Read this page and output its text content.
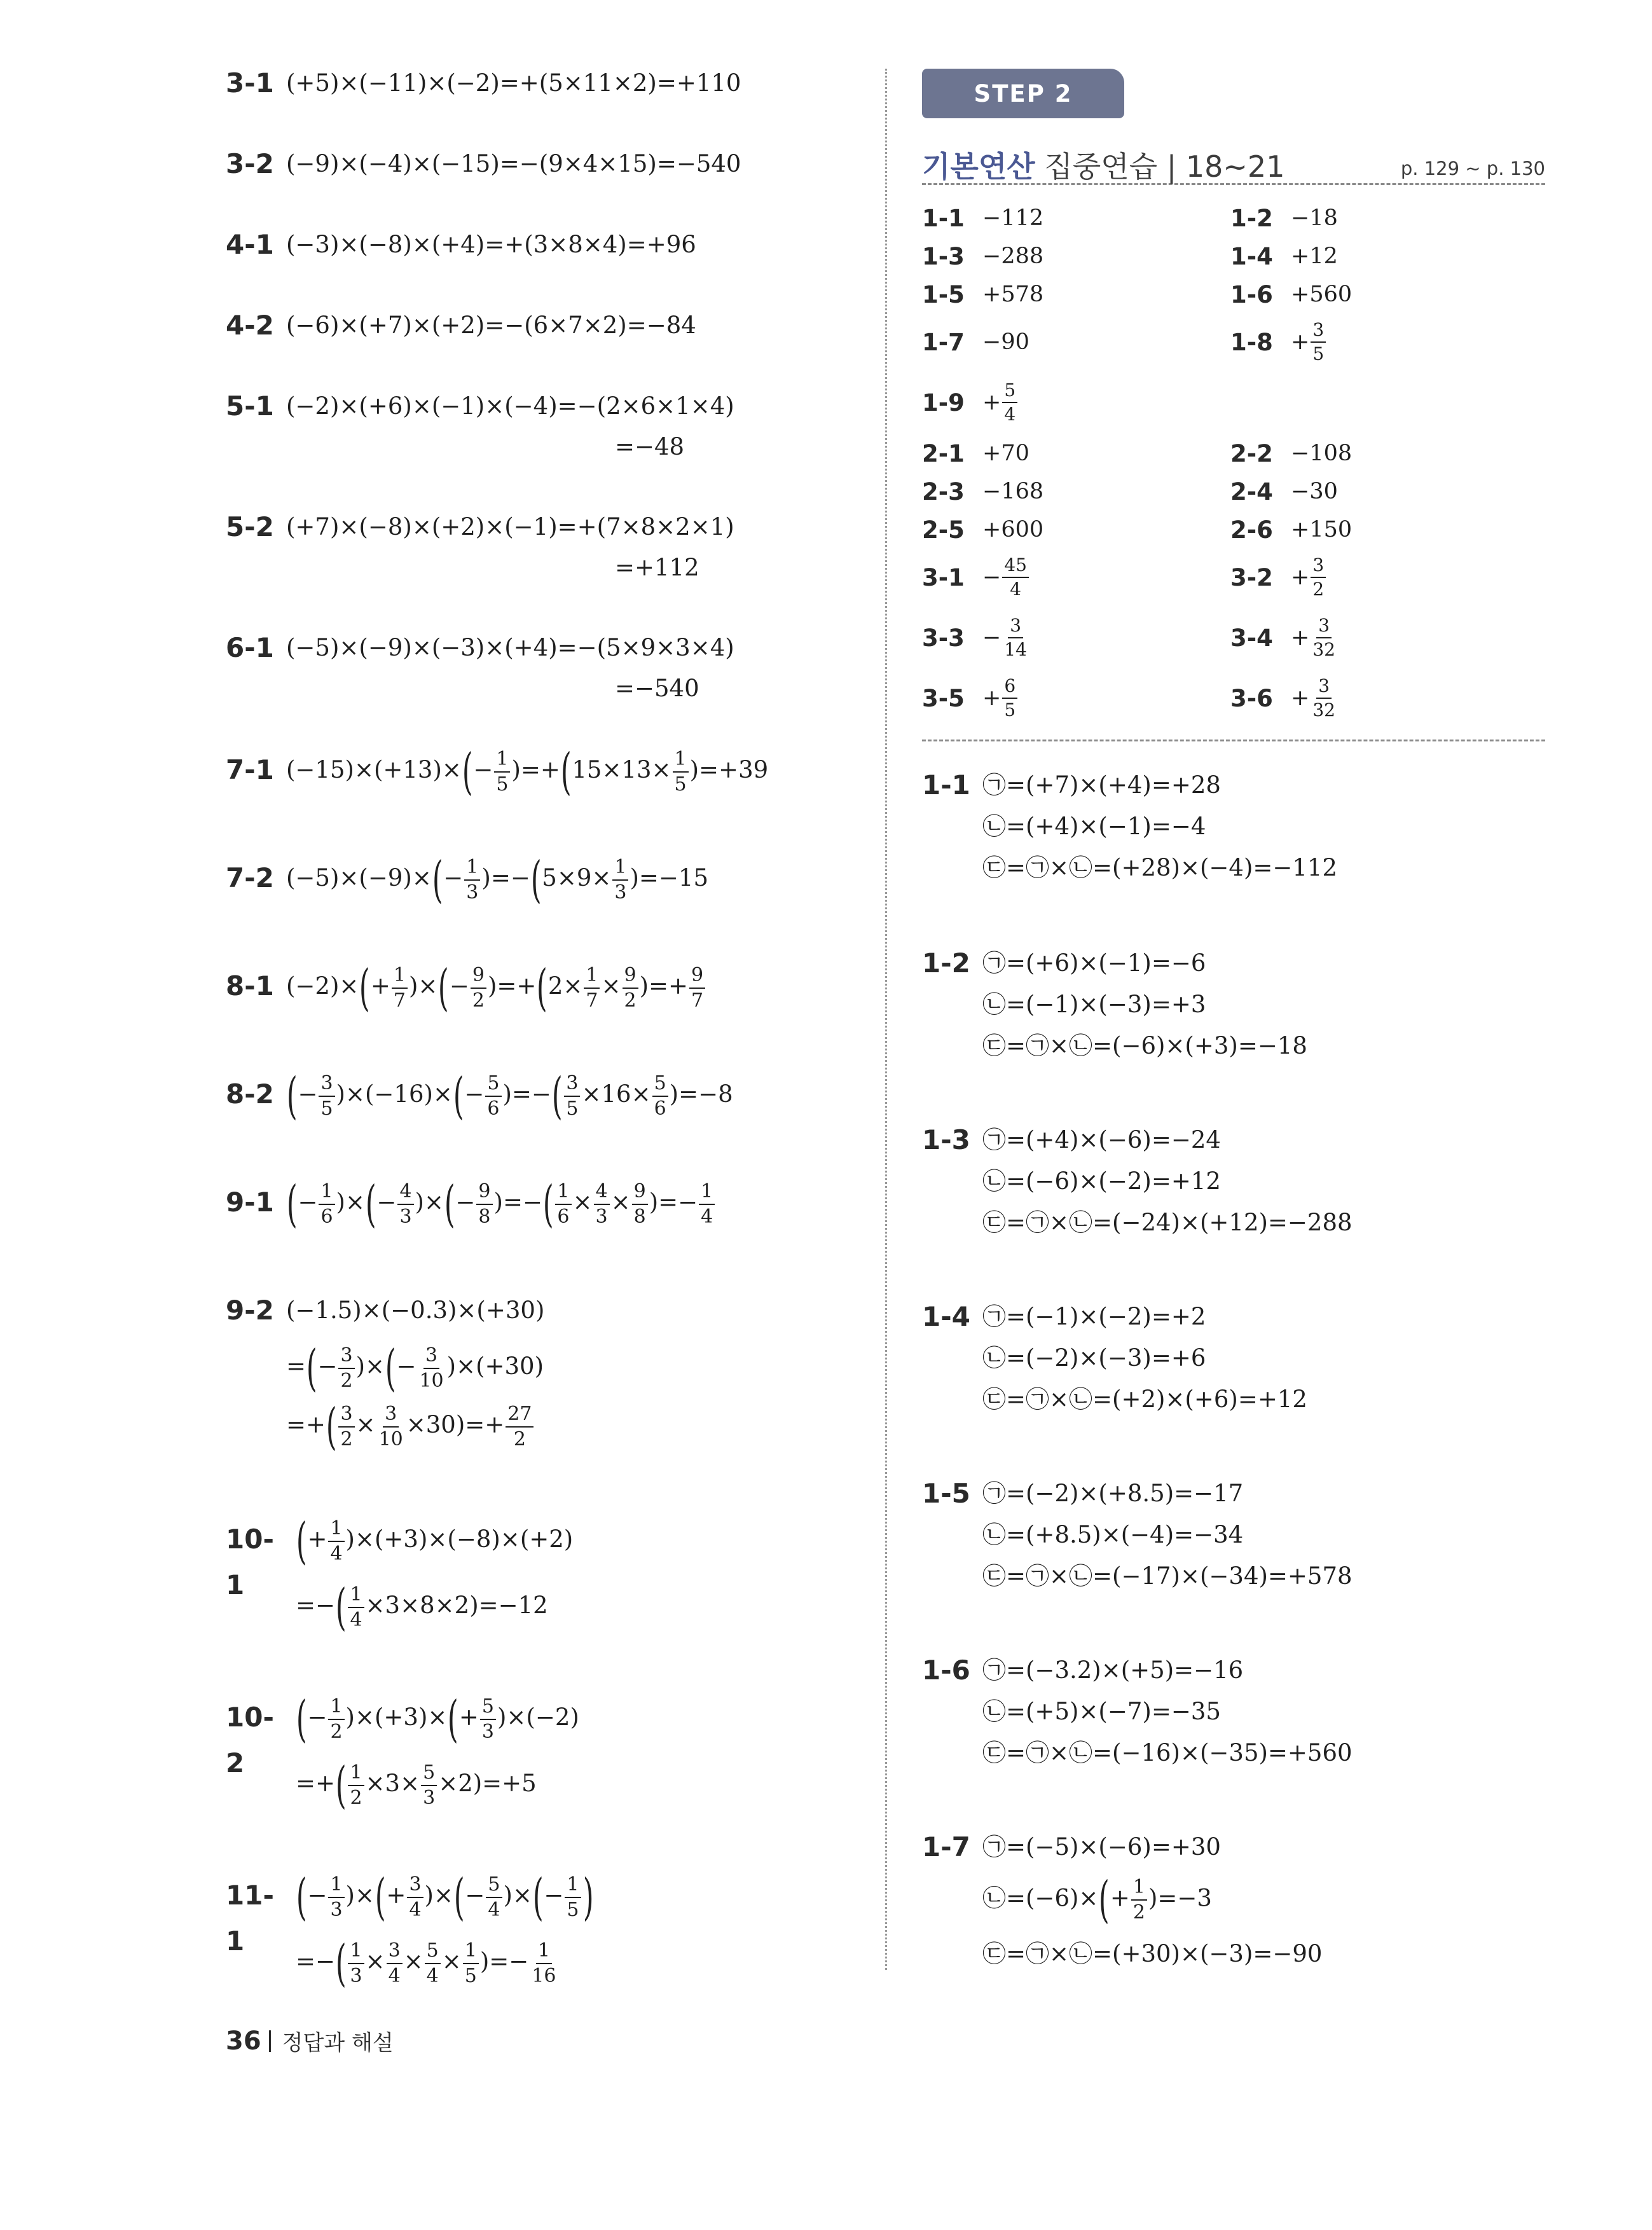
3-1 (+5)×(−11)×(−2)=+(5×11×2)=+110
3-2 (−9)×(−4)×(−15)=−(9×4×15)=−540
4-1 (−3)×(−8)×(+4)=+(3×8×4)=+96
4-2 (−6)×(+7)×(+2)=−(6×7×2)=−84
5-1 (−2)×(+6)×(−1)×(−4)=−(2×6×1×4)
=−48
5-2 (+7)×(−8)×(+2)×(−1)=+(7×8×2×1)
=+112
6-1 (−5)×(−9)×(−3)×(+4)=−(5×9×3×4)
=−540
7-1 $(-15)\times(+13)\times(- \frac{1}{5} )=+(15\times 13\times \frac{1}{5} )=+39$
7-2 $(-5)\times(-9)\times(- \frac{1}{3} )=-(5\times 9\times \frac{1}{3} )=-15$
8-1 $(-2)\times(+ \frac{1}{7}$ )×(− $\frac{9}{2} )=+(2\times \frac{1}{7} \times \frac{9}{2}$ )=+ $\frac{9}{7}$
8-2 (− $\frac{3}{5} )\times(-16)\times(- \frac{5}{6}$ )=−( $\frac{3}{5} \times 16\times \frac{5}{6} )=-8$
9-1 (− $\frac{1}{6}$ )×(− $\frac{4}{3}$ )×(− $\frac{9}{8}$ )=−( $\frac{1}{6} \times \frac{4}{3} \times \frac{9}{8}$ )=− $\frac{1}{4}$
9-2 (−1.5)×(−0.3)×(+30)
=(− $\frac{3}{2}$ )×(− $\frac{3}{10} )\times(+30)$
=+( $\frac{3}{2} \times \frac{3}{10} \times 30)=+ \frac{27}{2}$
10-1
(+ $\frac{1}{4} )\times(+3)\times(-8)\times(+2)$
=−( $\frac{1}{4} \times 3\times 8\times 2)=-12$
10-2
(− $\frac{1}{2} )\times(+3)\times(+ \frac{5}{3} )\times(-2)$
=+( $\frac{1}{2} \times 3\times \frac{5}{3} \times 2)=+5$
11-1
(− $\frac{1}{3}$ )×(+ $\frac{3}{4}$ )×(− $\frac{5}{4}$ )×(− $\frac{1}{5}$ )
=−( $\frac{1}{3} \times \frac{3}{4} \times \frac{5}{4} \times \frac{1}{5}$ )=− $\frac{1}{16}$
STEP 2
기본연산 집중연습 | 18~21	p. 129 ~ p. 130
1-1 −112	1-2 −18
1-3 −288	1-4 +12
1-5 +578	1-6 +560
1-7 −90	$1-8 + \frac{3}{5}$
$1-9 + \frac{5}{4}$
2-1 +70	2-2 −108
2-3 −168	2-4 −30
2-5 +600	2-6 +150
$3-1 - \frac{45}{4}$	$3-2 + \frac{3}{2}$
$3-3 - \frac{3}{14}$	$3-4 + \frac{3}{32}$
$3-5 + \frac{6}{5}$	$3-6 + \frac{3}{32}$
1-1 ㉠=(+7)×(+4)=+28
㉡=(+4)×(−1)=−4
㉢=㉠×㉡=(+28)×(−4)=−112
1-2 ㉠=(+6)×(−1)=−6
㉡=(−1)×(−3)=+3
㉢=㉠×㉡=(−6)×(+3)=−18
1-3 ㉠=(+4)×(−6)=−24
㉡=(−6)×(−2)=+12
㉢=㉠×㉡=(−24)×(+12)=−288
1-4 ㉠=(−1)×(−2)=+2
㉡=(−2)×(−3)=+6
㉢=㉠×㉡=(+2)×(+6)=+12
1-5 ㉠=(−2)×(+8.5)=−17
㉡=(+8.5)×(−4)=−34
㉢=㉠×㉡=(−17)×(−34)=+578
1-6 ㉠=(−3.2)×(+5)=−16
㉡=(+5)×(−7)=−35
㉢=㉠×㉡=(−16)×(−35)=+560
1-7 ㉠=(−5)×(−6)=+30
㉡=(−6)×(+ $\frac{1}{2} )=-3$
㉢=㉠×㉡=(+30)×(−3)=−90
36 정답과 해설
